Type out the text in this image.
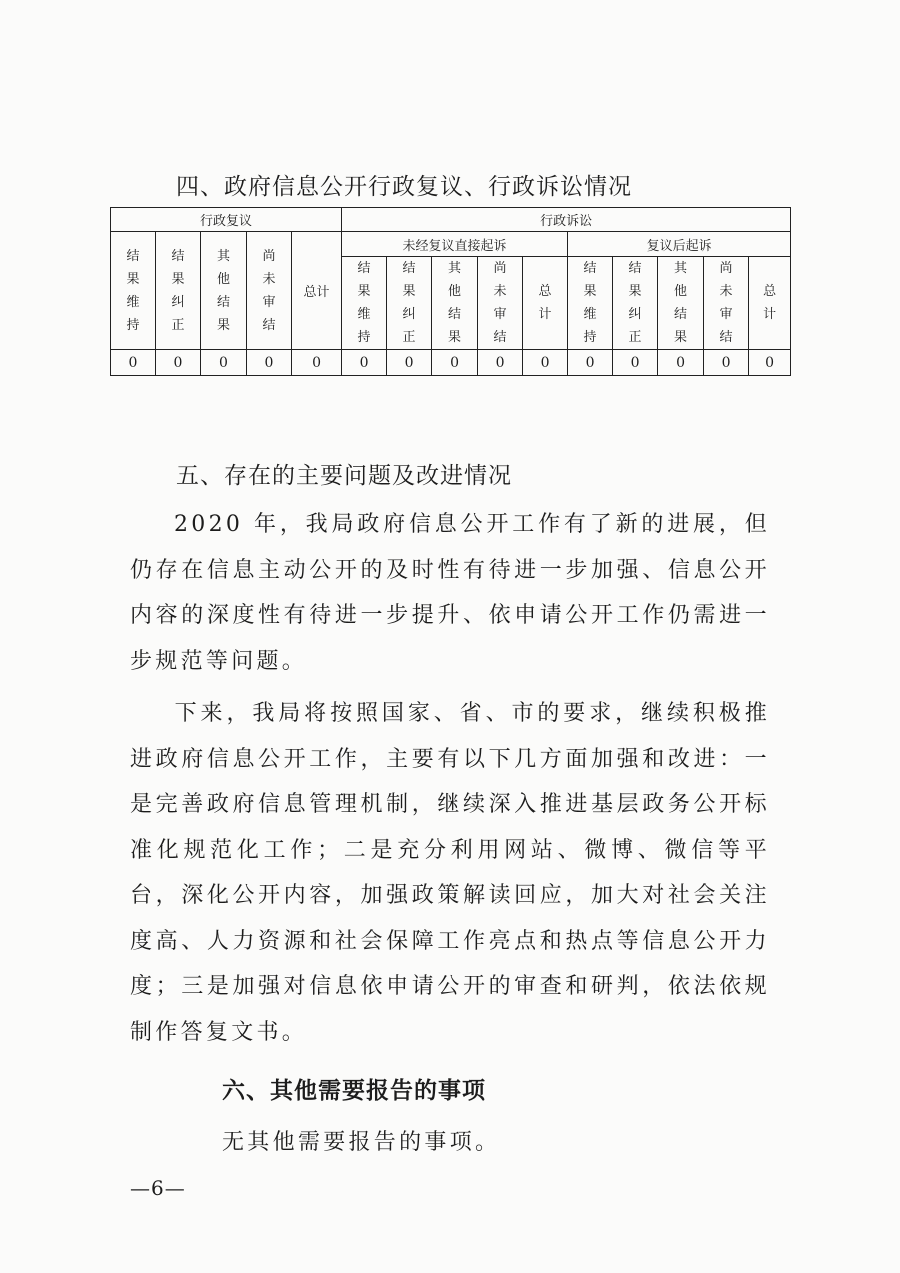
四、政府信息公开行政复议、行政诉讼情况
行政复议					行政诉讼									
结果维持	结果纠正	其他结果	尚未审结	总计	未经复议直接起诉					复议后起诉				
					结果维持	结果纠正	其他结果	尚未审结	总计	结果维持	结果纠正	其他结果	尚未审结	总计
0	0	0	0	0	0	0	0	0	0	0	0	0	0	0
五、存在的主要问题及改进情况
2020 年，我局政府信息公开工作有了新的进展，但仍存在信息主动公开的及时性有待进一步加强、信息公开内容的深度性有待进一步提升、依申请公开工作仍需进一步规范等问题。
下来，我局将按照国家、省、市的要求，继续积极推进政府信息公开工作，主要有以下几方面加强和改进：一是完善政府信息管理机制，继续深入推进基层政务公开标准化规范化工作；二是充分利用网站、微博、微信等平台，深化公开内容，加强政策解读回应，加大对社会关注度高、人力资源和社会保障工作亮点和热点等信息公开力度；三是加强对信息依申请公开的审查和研判，依法依规制作答复文书。
六、其他需要报告的事项
无其他需要报告的事项。
—6—
